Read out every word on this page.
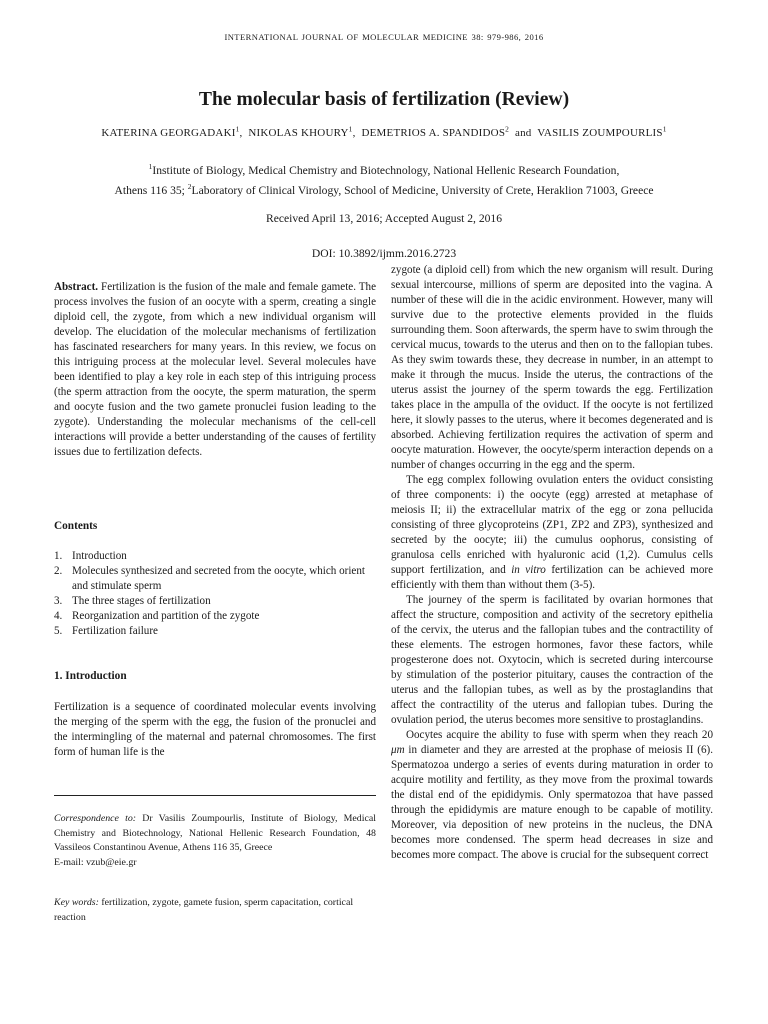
INTERNATIONAL JOURNAL OF MOLECULAR MEDICINE 38: 979-986, 2016
The molecular basis of fertilization (Review)
KATERINA GEORGADAKI$^1$,  NIKOLAS KHOURY$^1$,  DEMETRIOS A. SPANDIDOS$^2$ and VASILIS ZOUMPOURLIS$^1$
$^1$Institute of Biology, Medical Chemistry and Biotechnology, National Hellenic Research Foundation,
Athens 116 35; $^2$Laboratory of Clinical Virology, School of Medicine, University of Crete, Heraklion 71003, Greece
Received April 13, 2016; Accepted August 2, 2016
DOI: 10.3892/ijmm.2016.2723

Abstract. Fertilization is the fusion of the male and female gamete. The process involves the fusion of an oocyte with a sperm, creating a single diploid cell, the zygote, from which a new individual organism will develop. The elucidation of the molecular mechanisms of fertilization has fascinated researchers for many years. In this review, we focus on this intriguing process at the molecular level. Several molecules have been identified to play a key role in each step of this intriguing process (the sperm attraction from the oocyte, the sperm maturation, the sperm and oocyte fusion and the two gamete pronuclei fusion leading to the zygote). Understanding the molecular mechanisms of the cell-cell interactions will provide a better understanding of the causes of fertility issues due to fertilization defects.

Contents
1. Introduction
2. Molecules synthesized and secreted from the oocyte, which orient and stimulate sperm
3. The three stages of fertilization
4. Reorganization and partition of the zygote
5. Fertilization failure
1. Introduction

Fertilization is a sequence of coordinated molecular events involving the merging of the sperm with the egg, the fusion of the pronuclei and the intermingling of the maternal and paternal chromosomes. The first form of human life is the

Correspondence to: Dr Vasilis Zoumpourlis, Institute of Biology, Medical Chemistry and Biotechnology, National Hellenic Research Foundation, 48 Vassileos Constantinou Avenue, Athens 116 35, Greece
E-mail: vzub@eie.gr

Key words: fertilization, zygote, gamete fusion, sperm capacitation, cortical reaction

zygote (a diploid cell) from which the new organism will result. During sexual intercourse, millions of sperm are deposited into the vagina. A number of these will die in the acidic environment. However, many will survive due to the protective elements provided in the fluids surrounding them. Soon afterwards, the sperm have to swim through the cervical mucus, towards to the uterus and then on to the fallopian tubes. As they swim towards these, they decrease in number, in an attempt to make it through the mucus. Inside the uterus, the contractions of the uterus assist the journey of the sperm towards the egg. Fertilization takes place in the ampulla of the oviduct. If the oocyte is not fertilized here, it slowly passes to the uterus, where it becomes degenerated and is absorbed. Achieving fertilization requires the activation of sperm and oocyte maturation. However, the oocyte/sperm interaction depends on a number of changes occurring in the egg and the sperm.

The egg complex following ovulation enters the oviduct consisting of three components: i) the oocyte (egg) arrested at metaphase of meiosis II; ii) the extracellular matrix of the egg or zona pellucida consisting of three glycoproteins (ZP1, ZP2 and ZP3), synthesized and secreted by the oocyte; iii) the cumulus oophorus, consisting of granulosa cells enriched with hyaluronic acid (1,2). Cumulus cells support fertilization, and in vitro fertilization can be achieved more efficiently with them than without them (3-5).

The journey of the sperm is facilitated by ovarian hormones that affect the structure, composition and activity of the secretory epithelia of the cervix, the uterus and the fallopian tubes and the contractility of these elements. The estrogen hormones, favor these factors, while progesterone does not. Oxytocin, which is secreted during intercourse by stimulation of the posterior pituitary, causes the contraction of the uterus and the fallopian tubes, as well as by the prostaglandins that affect the contractility of the uterus and fallopian tubes. During the ovulation period, the uterus becomes more sensitive to prostaglandins.

Oocytes acquire the ability to fuse with sperm when they reach 20 μm in diameter and they are arrested at the prophase of meiosis II (6). Spermatozoa undergo a series of events during maturation in order to acquire motility and fertility, as they move from the proximal towards the distal end of the epididymis. Only spermatozoa that have passed through the epididymis are mature enough to be capable of motility. Moreover, via deposition of new proteins in the nucleus, the DNA becomes more condensed. The sperm head decreases in size and becomes more compact. The above is crucial for the subsequent correct
